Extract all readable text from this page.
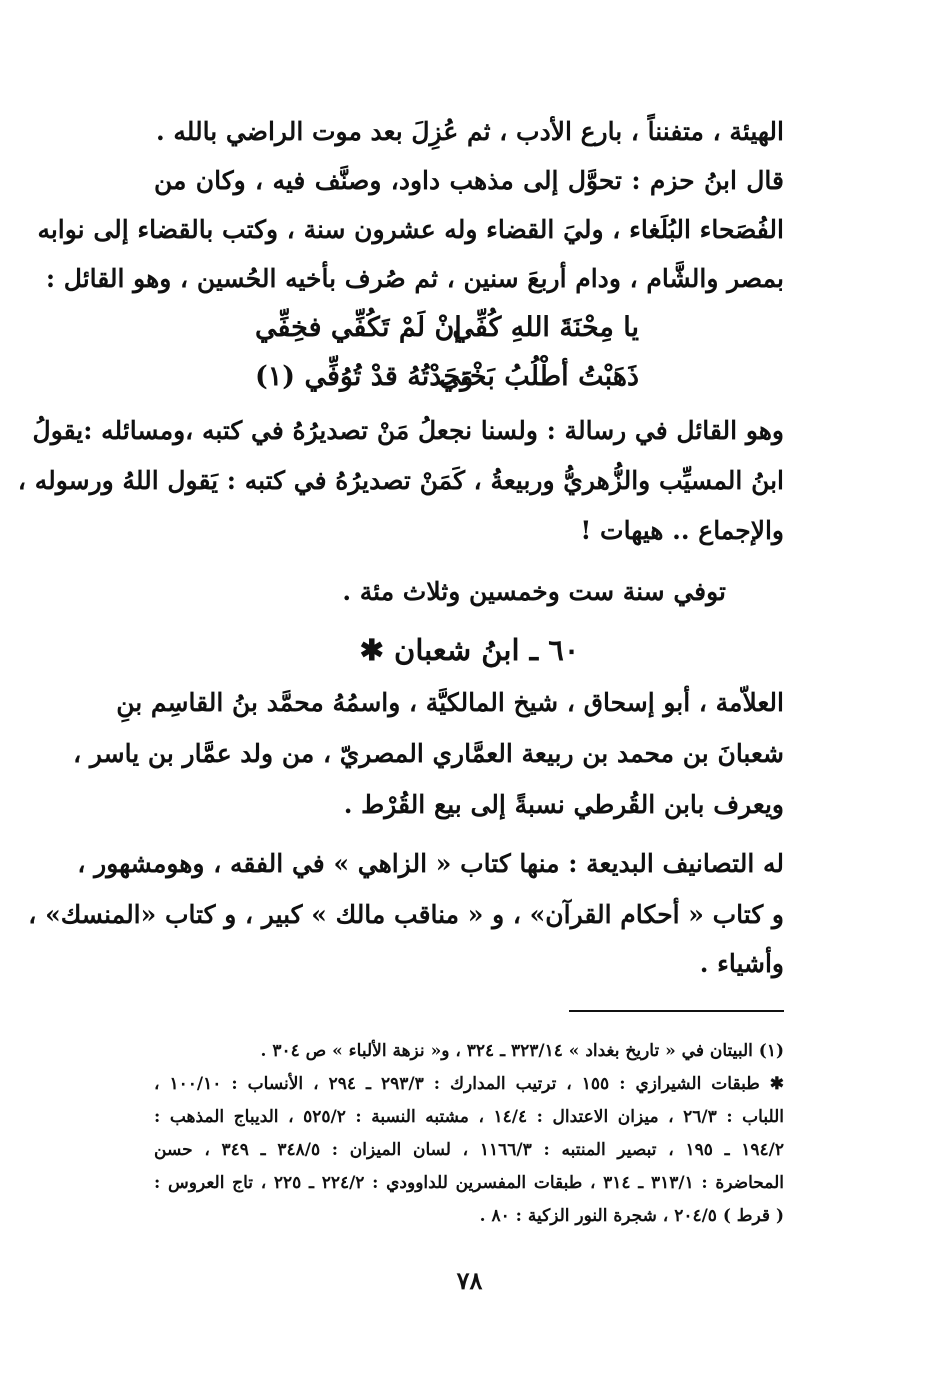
الهيئة ، متفنناً ، بارع الأدب ، ثم عُزِلَ بعد موت الراضي بالله .
قال ابنُ حزم : تحوَّل إلى مذهب داود، وصنَّف فيه ، وكان من
الفُصَحاء البُلَغاء ، وليَ القضاء وله عشرون سنة ، وكتب بالقضاء إلى نوابه
بمصر والشَّام ، ودام أربعَ سنين ، ثم صُرف بأخيه الحُسين ، وهو القائل :
يا مِحْنَةَ اللهِ كُفِّي
إنْ لَمْ تَكُفِّي فخِفِّي
ذَهَبْتُ أطْلُبُ بَخْتي
وَجَدْتُهُ قدْ تُوُفِّي (١)
وهو القائل في رسالة : ولسنا نجعلُ مَنْ تصديرُهُ في كتبه ،ومسائله :يقولُ
ابنُ المسيِّب والزُّهريُّ وربيعةُ ، كَمَنْ تصديرُهُ في كتبه : يَقول اللهُ ورسوله ،
والإجماع .. هيهات !
توفي سنة ست وخمسين وثلاث مئة .
٦٠ ـ ابنُ شعبان ✱
العلاّمة ، أبو إسحاق ، شيخ المالكيَّة ، واسمُهُ محمَّد بنُ القاسِم بنِ
شعبانَ بن محمد بن ربيعة العمَّاري المصريّ ، من ولد عمَّار بن ياسر ،
ويعرف بابن القُرطي نسبةً إلى بيع القُرْط .
له التصانيف البديعة : منها كتاب « الزاهي » في الفقه ، وهومشهور ،
و كتاب « أحكام القرآن» ، و « مناقب مالك » كبير ، و كتاب «المنسك» ،
وأشياء .
(١) البيتان في « تاريخ بغداد » ٣٢٣/١٤ ـ ٣٢٤ ، و« نزهة الألباء » ص ٣٠٤ .
✱ طبقات الشيرازي : ١٥٥ ، ترتيب المدارك : ٢٩٣/٣ ـ ٢٩٤ ، الأنساب : ١٠٠/١٠ ،
اللباب : ٢٦/٣ ، ميزان الاعتدال : ١٤/٤ ، مشتبه النسبة : ٥٢٥/٢ ، الديباج المذهب :
١٩٤/٢ ـ ١٩٥ ، تبصير المنتبه : ١١٦٦/٣ ، لسان الميزان : ٣٤٨/٥ ـ ٣٤٩ ، حسن
المحاضرة : ٣١٣/١ ـ ٣١٤ ، طبقات المفسرين للداوودي : ٢٢٤/٢ ـ ٢٢٥ ، تاج العروس :
( قرط ) ٢٠٤/٥ ، شجرة النور الزكية : ٨٠ .
٧٨
